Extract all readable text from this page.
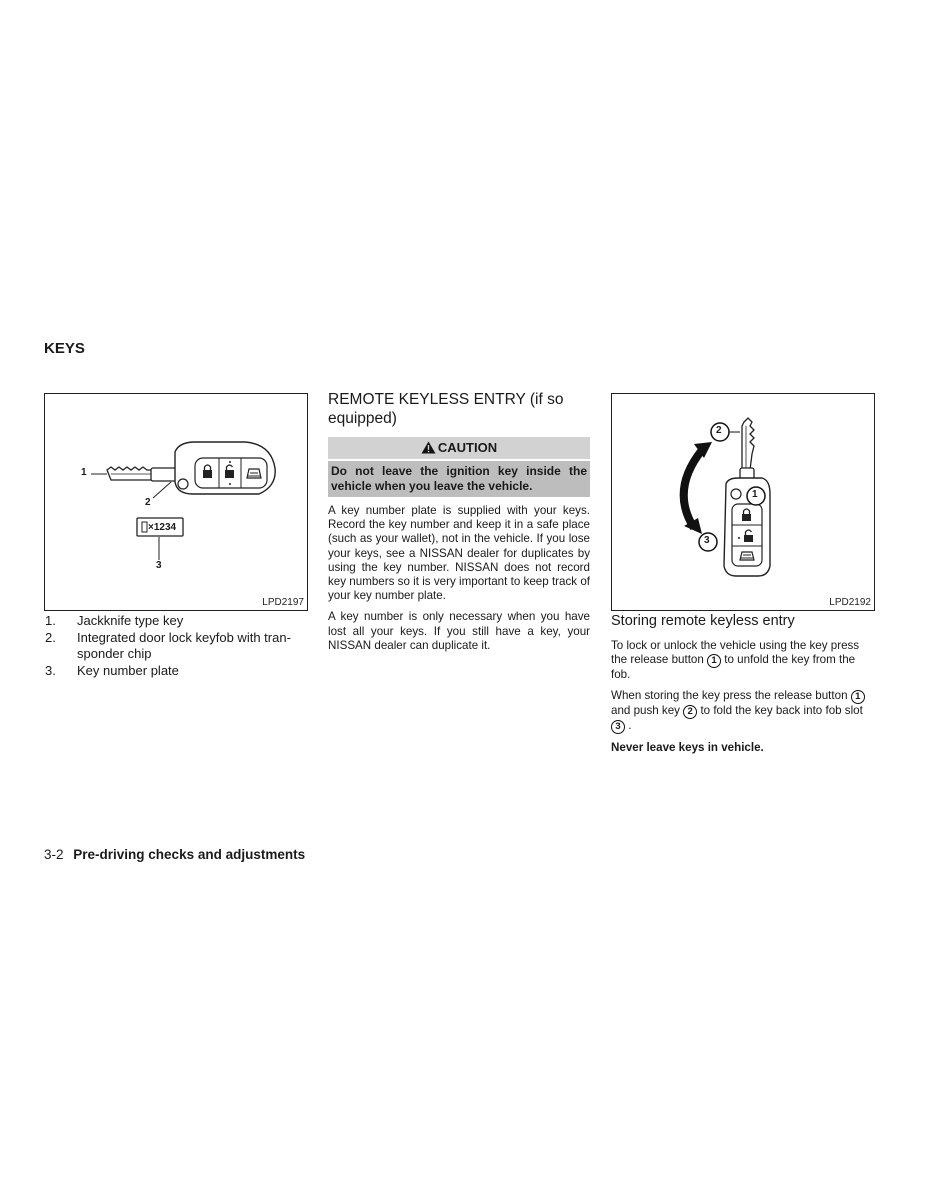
KEYS
1
2
×1234
3
LPD2197
1. Jackknife type key
2. Integrated door lock keyfob with transponder chip
3. Key number plate
REMOTE KEYLESS ENTRY (if so equipped)
CAUTION
Do not leave the ignition key inside the vehicle when you leave the vehicle.

A key number plate is supplied with your keys. Record the key number and keep it in a safe place (such as your wallet), not in the vehicle. If you lose your keys, see a NISSAN dealer for duplicates by using the key number. NISSAN does not record key numbers so it is very important to keep track of your key number plate.

A key number is only necessary when you have lost all your keys. If you still have a key, your NISSAN dealer can duplicate it.

2
1
3
LPD2192
Storing remote keyless entry

To lock or unlock the vehicle using the key press the release button 1 to unfold the key from the fob.

When storing the key press the release button 1 and push key 2 to fold the key back into fob slot 3 .

Never leave keys in vehicle.

3-2 Pre-driving checks and adjustments
